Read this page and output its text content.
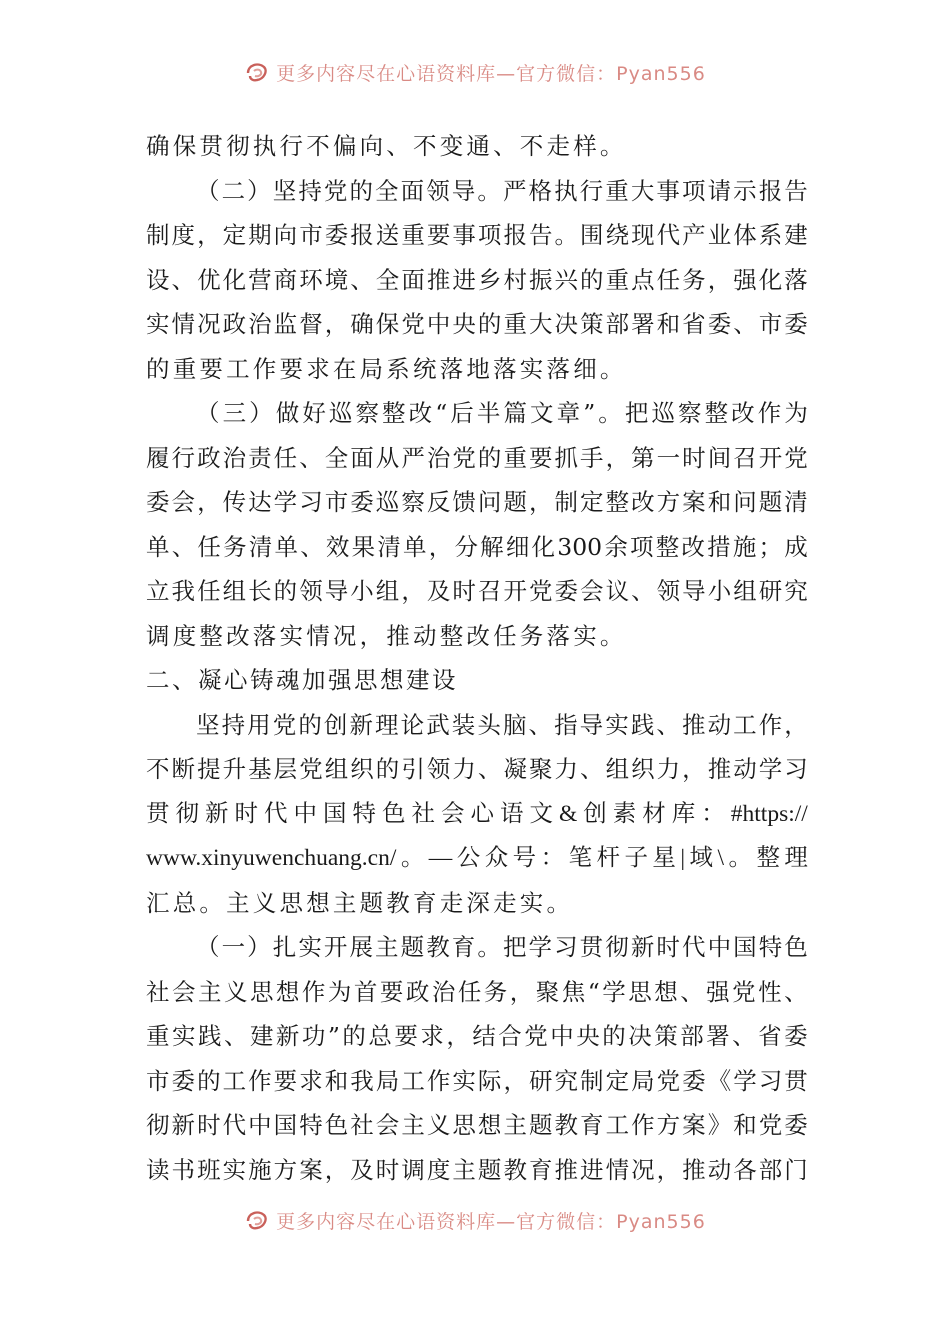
更多内容尽在心语资料库—官方微信：Pyan556
确保贯彻执行不偏向、不变通、不走样。
（ 二 ） 坚 持 党 的 全 面 领 导 。 严 格 执 行 重 大 事 项 请 示 报 告
制 度 ， 定 期 向 市 委 报 送 重 要 事 项 报 告 。 围 绕 现 代 产 业 体 系 建
设 、 优 化 营 商 环 境 、 全 面 推 进 乡 村 振 兴 的 重 点 任 务 ， 强 化 落
实 情 况 政 治 监 督 ， 确 保 党 中 央 的 重 大 决 策 部 署 和 省 委 、 市 委
的重要工作要求在局系统落地落实落细。
（ 三 ） 做 好 巡 察 整 改 “ 后 半 篇 文 章 ” 。 把 巡 察 整 改 作 为
履 行 政 治 责 任 、 全 面 从 严 治 党 的 重 要 抓 手 ， 第 一 时 间 召 开 党
委 会 ， 传 达 学 习 市 委 巡 察 反 馈 问 题 ， 制 定 整 改 方 案 和 问 题 清
单 、 任 务 清 单 、 效 果 清 单 ， 分 解 细 化 300 余 项 整 改 措 施 ； 成
立 我 任 组 长 的 领 导 小 组 ， 及 时 召 开 党 委 会 议 、 领 导 小 组 研 究
调度整改落实情况，推动整改任务落实。
二、凝心铸魂加强思想建设
坚 持 用 党 的 创 新 理 论 武 装 头 脑 、 指 导 实 践 、 推 动 工 作 ，
不 断 提 升 基 层 党 组 织 的 引 领 力 、 凝 聚 力 、 组 织 力 ， 推 动 学 习
贯 彻 新 时 代 中 国 特 色 社 会 心 语 文 & 创 素 材 库 ： #https://
www.xinyuwenchuang.cn/ 。 — 公 众 号 ： 笔 杆 子 星 | 域 \ 。 整 理
汇总。主义思想主题教育走深走实。
（ 一 ） 扎 实 开 展 主 题 教 育 。 把 学 习 贯 彻 新 时 代 中 国 特 色
社 会 主 义 思 想 作 为 首 要 政 治 任 务 ， 聚 焦 “ 学 思 想 、 强 党 性 、
重 实 践 、 建 新 功 ” 的 总 要 求 ， 结 合 党 中 央 的 决 策 部 署 、 省 委
市 委 的 工 作 要 求 和 我 局 工 作 实 际 ， 研 究 制 定 局 党 委 《 学 习 贯
彻 新 时 代 中 国 特 色 社 会 主 义 思 想 主 题 教 育 工 作 方 案 》 和 党 委
读 书 班 实 施 方 案 ， 及 时 调 度 主 题 教 育 推 进 情 况 ， 推 动 各 部 门
更多内容尽在心语资料库—官方微信：Pyan556
